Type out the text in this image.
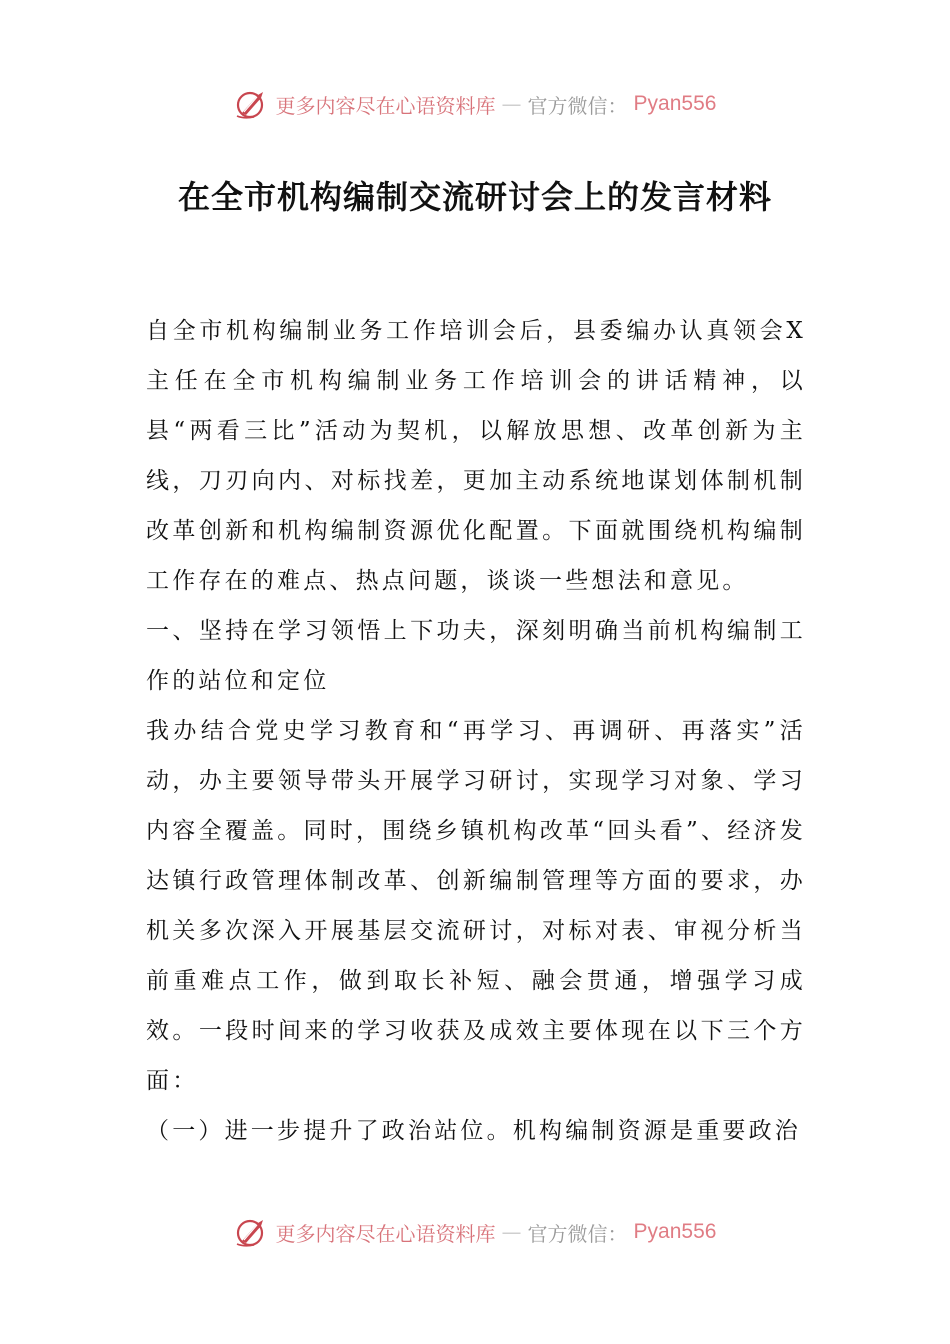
更多内容尽在心语资料库 — 官方微信： Pyan556
在全市机构编制交流研讨会上的发言材料

自全市机构编制业务工作培训会后，县委编办认真领会X主任在全市机构编制业务工作培训会的讲话精神，以县“两看三比”活动为契机，以解放思想、改革创新为主线，刀刃向内、对标找差，更加主动系统地谋划体制机制改革创新和机构编制资源优化配置。下面就围绕机构编制工作存在的难点、热点问题，谈谈一些想法和意见。

一、坚持在学习领悟上下功夫，深刻明确当前机构编制工作的站位和定位

我办结合党史学习教育和“再学习、再调研、再落实”活动，办主要领导带头开展学习研讨，实现学习对象、学习内容全覆盖。同时，围绕乡镇机构改革“回头看”、经济发达镇行政管理体制改革、创新编制管理等方面的要求，办机关多次深入开展基层交流研讨，对标对表、审视分析当前重难点工作，做到取长补短、融会贯通，增强学习成效。一段时间来的学习收获及成效主要体现在以下三个方面：

（一）进一步提升了政治站位。机构编制资源是重要政治

更多内容尽在心语资料库 — 官方微信： Pyan556
